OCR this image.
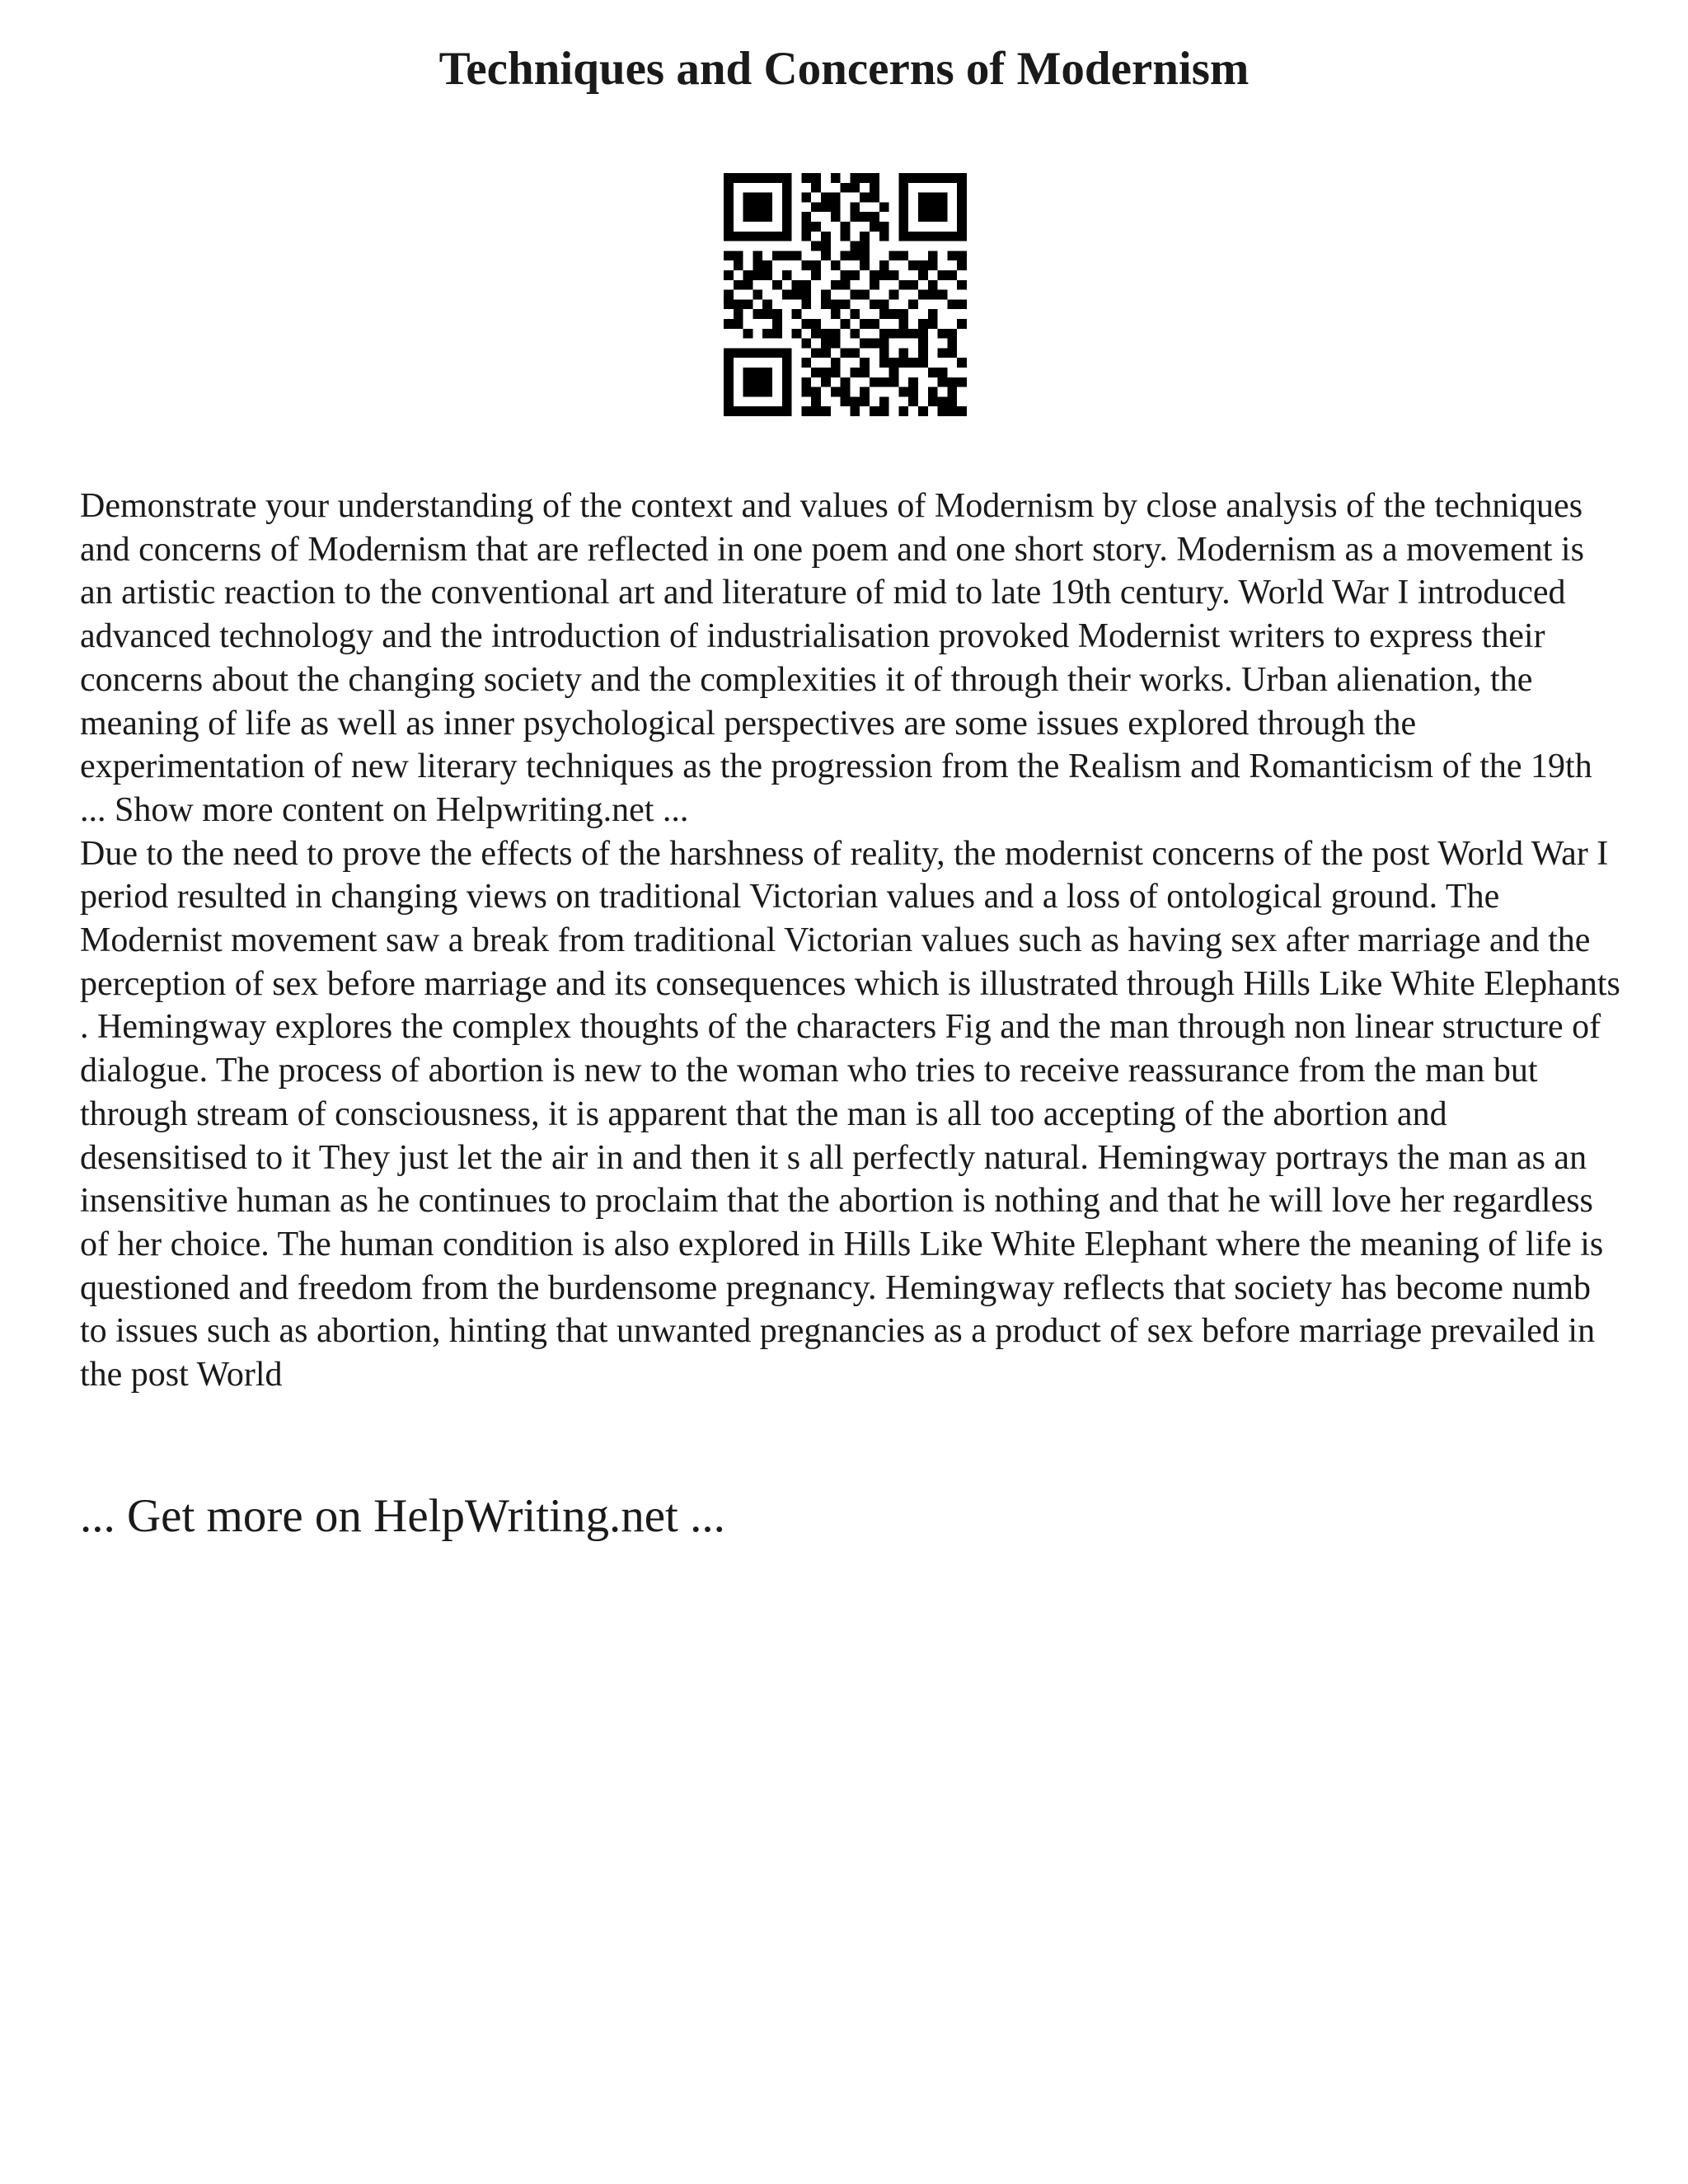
Techniques and Concerns of Modernism

Demonstrate your understanding of the context and values of Modernism by close analysis of the techniques and concerns of Modernism that are reflected in one poem and one short story. Modernism as a movement is an artistic reaction to the conventional art and literature of mid to late 19th century. World War I introduced advanced technology and the introduction of industrialisation provoked Modernist writers to express their concerns about the changing society and the complexities it of through their works. Urban alienation, the meaning of life as well as inner psychological perspectives are some issues explored through the experimentation of new literary techniques as the progression from the Realism and Romanticism of the 19th ... Show more content on Helpwriting.net ...

Due to the need to prove the effects of the harshness of reality, the modernist concerns of the post World War I period resulted in changing views on traditional Victorian values and a loss of ontological ground. The Modernist movement saw a break from traditional Victorian values such as having sex after marriage and the perception of sex before marriage and its consequences which is illustrated through Hills Like White Elephants . Hemingway explores the complex thoughts of the characters Fig and the man through non linear structure of dialogue. The process of abortion is new to the woman who tries to receive reassurance from the man but through stream of consciousness, it is apparent that the man is all too accepting of the abortion and desensitised to it They just let the air in and then it s all perfectly natural. Hemingway portrays the man as an insensitive human as he continues to proclaim that the abortion is nothing and that he will love her regardless of her choice. The human condition is also explored in Hills Like White Elephant where the meaning of life is questioned and freedom from the burdensome pregnancy. Hemingway reflects that society has become numb to issues such as abortion, hinting that unwanted pregnancies as a product of sex before marriage prevailed in the post World

... Get more on HelpWriting.net ...
